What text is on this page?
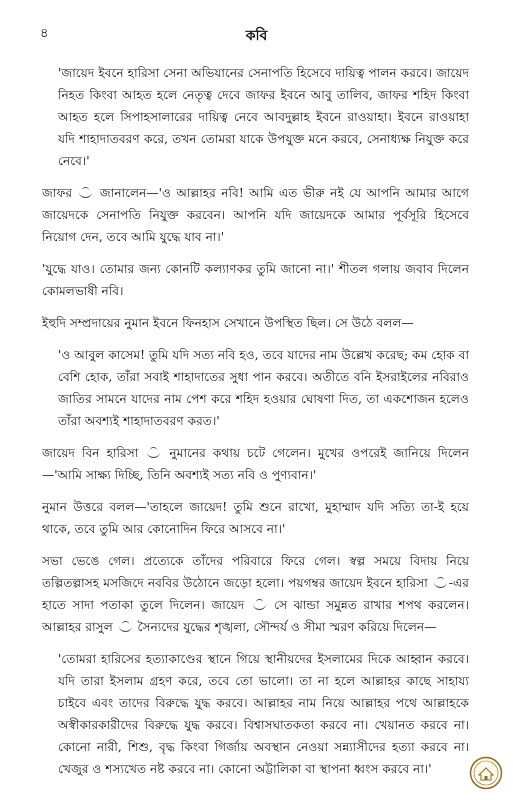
৪	কবি

'জায়েদ ইবনে হারিসা সেনা অভিযানের সেনাপতি হিসেবে দায়িত্ব পালন করবে। জায়েদ নিহত কিংবা আহত হলে নেতৃত্ব দেবে জাফর ইবনে আবু তালিব, জাফর শহিদ কিংবা আহত হলে সিপাহসালারের দায়িত্ব নেবে আবদুল্লাহ ইবনে রাওয়াহা। ইবনে রাওয়াহা যদি শাহাদাতবরণ করে, তখন তোমরা যাকে উপযুক্ত মনে করবে, সেনাধ্যক্ষ নিযুক্ত করে নেবে।'

জাফর জানালেন—'ও আল্লাহর নবি! আমি এত ভীরু নই যে আপনি আমার আগে জায়েদকে সেনাপতি নিযুক্ত করবেন। আপনি যদি জায়েদকে আমার পূর্বসূরি হিসেবে নিয়োগ দেন, তবে আমি যুদ্ধে যাব না।'

'যুদ্ধে যাও। তোমার জন্য কোনটি কল্যাণকর তুমি জানো না।' শীতল গলায় জবাব দিলেন কোমলভাষী নবি।

ইহুদি সম্প্রদায়ের নুমান ইবনে ফিনহাস সেখানে উপস্থিত ছিল। সে উঠে বলল—

'ও আবুল কাসেম! তুমি যদি সত্য নবি হও, তবে যাদের নাম উল্লেখ করেছ; কম হোক বা বেশি হোক, তাঁরা সবাই শাহাদাতের সুধা পান করবে। অতীতে বনি ইসরাইলের নবিরাও জাতির সামনে যাদের নাম পেশ করে শহিদ হওয়ার ঘোষণা দিত, তা একশোজন হলেও তাঁরা অবশ্যই শাহাদাতবরণ করত।'

জায়েদ বিন হারিসা	নুমানের কথায় চটে গেলেন। মুখের ওপরেই জানিয়ে দিলেন—'আমি সাক্ষ্য দিচ্ছি, তিনি অবশ্যই সত্য নবি ও পুণ্যবান।'

নুমান উত্তরে বলল—'তাহলে জায়েদ! তুমি শুনে রাখো, মুহাম্মাদ যদি সত্যি তা-ই হয়ে থাকে, তবে তুমি আর কোনোদিন ফিরে আসবে না।'

সভা ভেঙে গেল। প্রত্যেকে তাঁদের পরিবারে ফিরে গেল। স্বল্প সময়ে বিদায় নিয়ে তল্পিতল্পাসহ মসজিদে নববির উঠোনে জড়ো হলো। পয়গম্বর জায়েদ ইবনে হারিসা -এর হাতে সাদা পতাকা তুলে দিলেন। জায়েদ সে ঝান্ডা সমুন্নত রাখার শপথ করলেন। আল্লাহর রাসুল সৈন্যদের যুদ্ধের শৃঙ্খলা, সৌন্দর্য ও সীমা স্মরণ করিয়ে দিলেন—

'তোমরা হারিসের হত্যাকাণ্ডের স্থানে গিয়ে স্থানীয়দের ইসলামের দিকে আহ্বান করবে। যদি তারা ইসলাম গ্রহণ করে, তবে তো ভালো। তা না হলে আল্লাহর কাছে সাহায্য চাইবে এবং তাদের বিরুদ্ধে যুদ্ধ করবে। আল্লাহর নাম নিয়ে আল্লাহর পথে আল্লাহকে অস্বীকারকারীদের বিরুদ্ধে যুদ্ধ করবে। বিশ্বাসঘাতকতা করবে না। খেয়ানত করবে না। কোনো নারী, শিশু, বৃদ্ধ কিংবা গির্জায় অবস্থান নেওয়া সন্ন্যাসীদের হত্যা করবে না। খেজুর ও শস্যখেত নষ্ট করবে না। কোনো অট্টালিকা বা স্থাপনা ধ্বংস করবে না।'
